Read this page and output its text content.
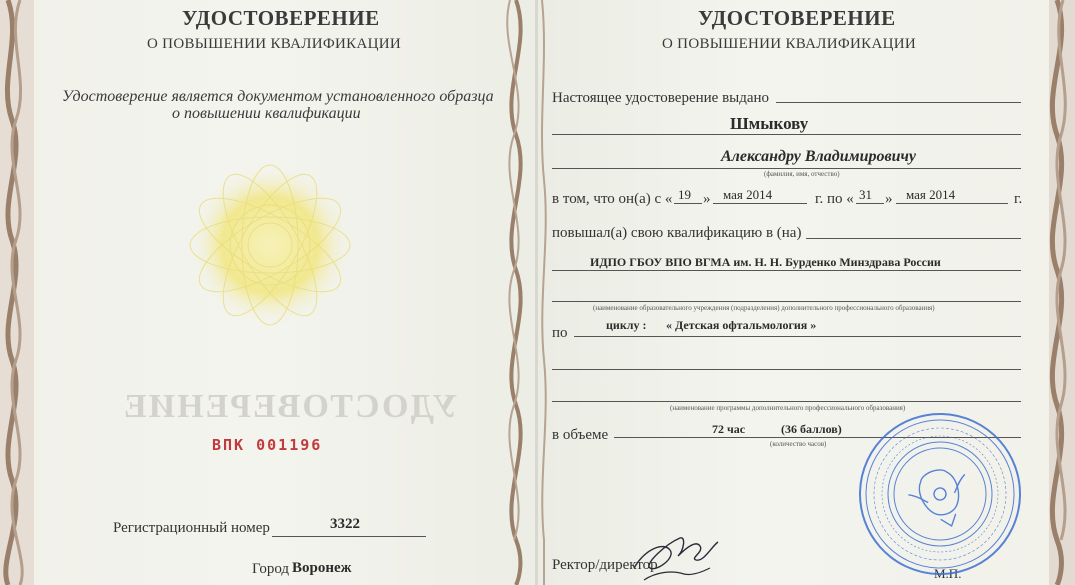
УДОСТОВЕРЕНИЕ
О ПОВЫШЕНИИ КВАЛИФИКАЦИИ
Удостоверение является документом установленного образца
о повышении квалификации
УДОСТОВЕРЕНИЕ
ВПК 001196
Регистрационный номер	3322
Город Воронеж
УДОСТОВЕРЕНИЕ
О ПОВЫШЕНИИ КВАЛИФИКАЦИИ
Настоящее удостоверение выдано
Шмыкову
Александру Владимировичу
(фамилия, имя, отчество)
в том, что он(а) с « 19 » мая 2014	г. по « 31 » мая 2014	г.
повышал(а) свою квалификацию в (на)
ИДПО ГБОУ ВПО ВГМА им. Н. Н. Бурденко Минздрава России
(наименование образовательного учреждения (подразделения) дополнительного профессионального образования)
по	циклу : « Детская офтальмология »
(наименование программы дополнительного профессионального образования)
в объеме	72 час	(36 баллов)
(количество часов)
Ректор/директор
М.П.
